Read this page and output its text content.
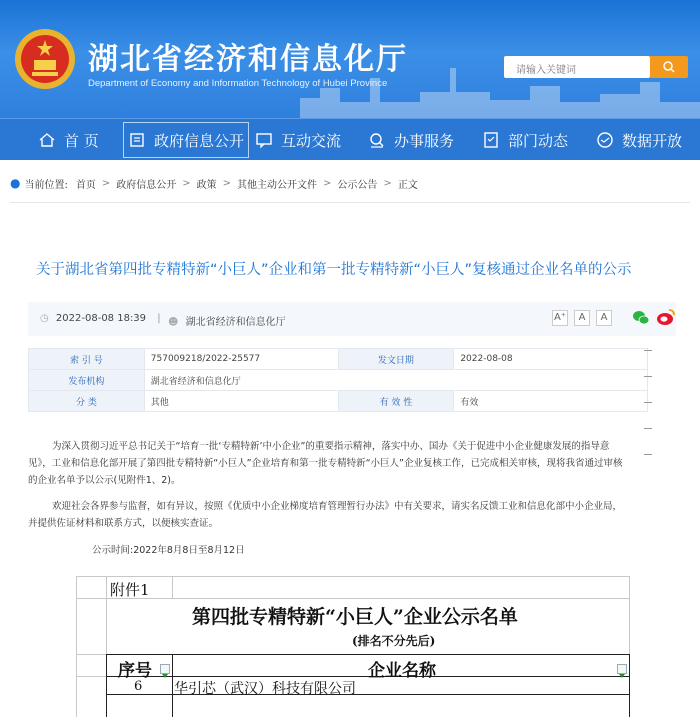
湖北省经济和信息化厅
Department of Economy and Information Technology of Hubei Province
请输入关键词
首 页	政府信息公开 互动交流	办事服务	部门动态	数据开放
● 当前位置: 首页 > 政府信息公开 > 政策 > 其他主动公开文件 > 公示公告 > 正文
关于湖北省第四批专精特新“小巨人”企业和第一批专精特新“小巨人”复核通过企业名单的公示
◷ 2022-08-08 18:39 | ☻ 湖北省经济和信息化厅	A⁺	A	A
索 引 号	757009218/2022-25577	发文日期	2022-08-08
发布机构	湖北省经济和信息化厅		
分 类	其他	有 效 性	有效
为深入贯彻习近平总书记关于“培育一批‘专精特新’中小企业”的重要指示精神，落实中办、国办《关于促进中小企业健康发展的指导意见》，工业和信息化部开展了第四批专精特新“小巨人”企业培育和第一批专精特新“小巨人”企业复核工作，已完成相关审核，现将我省通过审核的企业名单予以公示(见附件1、2)。
欢迎社会各界参与监督，如有异议，按照《优质中小企业梯度培育管理暂行办法》中有关要求，请实名反馈工业和信息化部中小企业局，并提供佐证材料和联系方式，以便核实查证。
公示时间:2022年8月8日至8月12日
附件1
第四批专精特新“小巨人”企业公示名单
(排名不分先后)
序号	企业名称
6 华引芯（武汉）科技有限公司
